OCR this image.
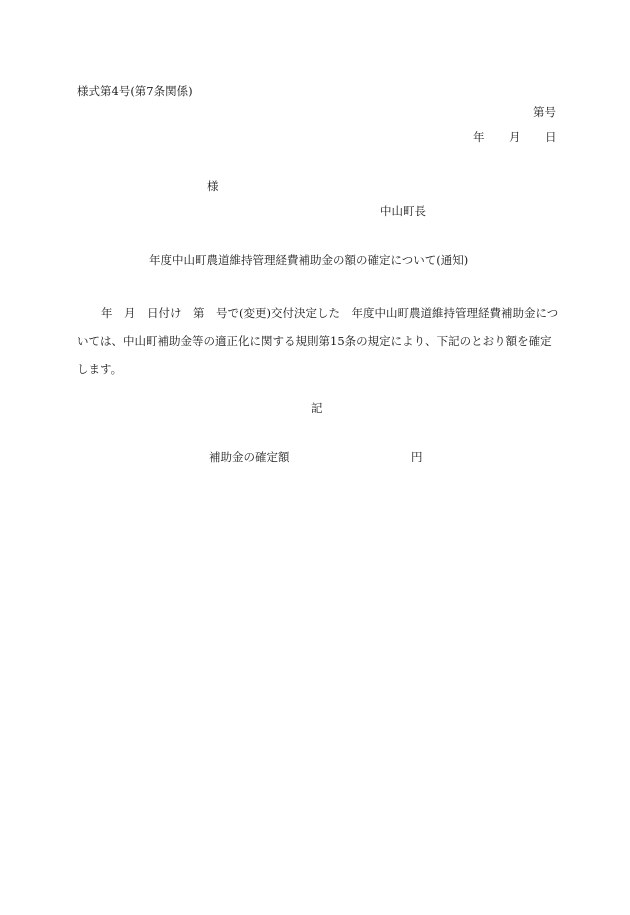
様式第4号(第7条関係)
第号
年 月 日
様
中山町長
年度中山町農道維持管理経費補助金の額の確定について(通知)
年　月　日付け　第　号で(変更)交付決定した　年度中山町農道維持管理経費補助金については、中山町補助金等の適正化に関する規則第15条の規定により、下記のとおり額を確定します。
記
補助金の確定額	円
